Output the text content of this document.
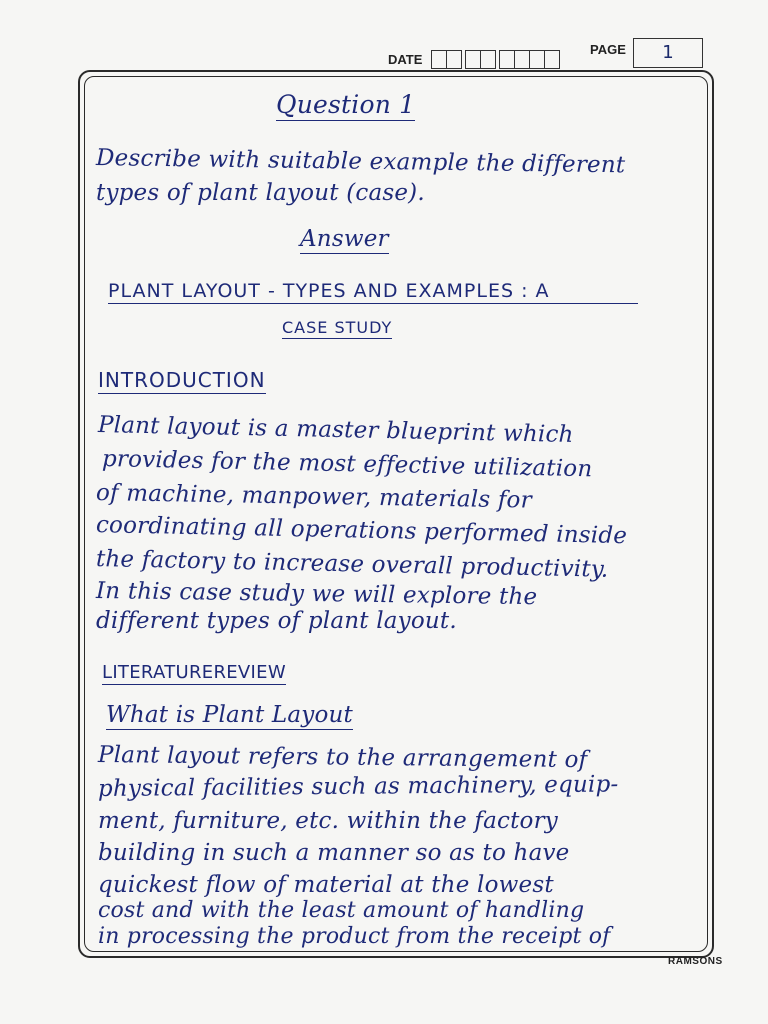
DATE
PAGE	1
Question 1
Describe with suitable example the different
types of plant layout (case).
Answer
PLANT LAYOUT - TYPES AND EXAMPLES : A
CASE STUDY
INTRODUCTION
Plant layout is a master blueprint which
provides for the most effective utilization
of machine, manpower, materials for
coordinating all operations performed inside
the factory to increase overall productivity.
In this case study we will explore the
different types of plant layout.
LITERATUREREVIEW
What is Plant Layout
Plant layout refers to the arrangement of
physical facilities such as machinery, equip-
ment, furniture, etc. within the factory
building in such a manner so as to have
quickest flow of material at the lowest
cost and with the least amount of handling
in processing the product from the receipt of
RAMSONS
